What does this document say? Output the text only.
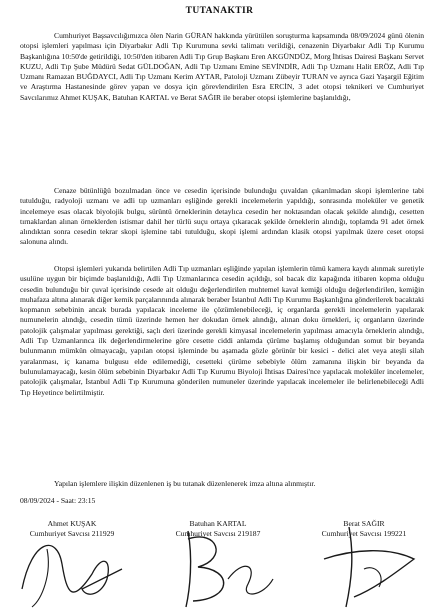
TUTANAKTIR

Cumhuriyet Başsavcılığımızca ölen Narin GÜRAN hakkında yürütülen soruşturma kapsamında 08/09/2024 günü ölenin otopsi işlemleri yapılması için Diyarbakır Adli Tıp Kurumuna sevki talimatı verildiği, cenazenin Diyarbakır Adli Tıp Kurumu Başkanlığına 10:50'de getirildiği, 10:50'den itibaren Adli Tıp Grup Başkanı Eren AKGÜNDÜZ, Morg İhtisas Dairesi Başkanı Servet KUZU, Adli Tıp Şube Müdürü Sedat GÜLDOĞAN, Adli Tıp Uzmanı Emine SEVİNDİR, Adli Tıp Uzmanı Halit ERÖZ, Adli Tıp Uzmanı Ramazan BUĞDAYCI, Adli Tıp Uzmanı Kerim AYTAR, Patoloji Uzmanı Zübeyir TURAN ve ayrıca Gazi Yaşargil Eğitim ve Araştırma Hastanesinde görev yapan ve dosya için görevlendirilen Esra ERCİN, 3 adet otopsi teknikeri ve Cumhuriyet Savcılarımız Ahmet KUŞAK, Batuhan KARTAL ve Berat SAĞIR ile beraber otopsi işlemlerine başlanıldığı,

Cenaze bütünlüğü bozulmadan önce ve cesedin içerisinde bulunduğu çuvaldan çıkarılmadan skopi işlemlerine tabi tutulduğu, radyoloji uzmanı ve adli tıp uzmanları eşliğinde gerekli incelemelerin yapıldığı, sonrasında moleküler ve genetik incelemeye esas olacak biyolojik bulgu, sürüntü örneklerinin detaylıca cesedin her noktasından olacak şekilde alındığı, cesetten tırnaklardan alınan örneklerden istismar dahil her türlü suçu ortaya çıkaracak şekilde örneklerin alındığı, toplamda 91 adet örnek alındıktan sonra cesedin tekrar skopi işlemine tabi tutulduğu, skopi işlemi ardından klasik otopsi yapılmak üzere ceset otopsi salonuna alındı.

Otopsi işlemleri yukarıda belirtilen Adli Tıp uzmanları eşliğinde yapılan işlemlerin tümü kamera kaydı alınmak suretiyle usulüne uygun bir biçimde başlanıldığı, Adli Tıp Uzmanlarınca cesedin açıldığı, sol bacak diz kapağında itibaren kopma olduğu cesedin bulunduğu bir çuval içerisinde cesede ait olduğu değerlendirilen muhtemel kaval kemiği olduğu değerlendirilen, kemiğin muhafaza altına alınarak diğer kemik parçalarınında alınarak beraber İstanbul Adli Tıp Kurumu Başkanlığına gönderilerek bacaktaki kopmanın sebebinin ancak burada yapılacak inceleme ile çözümlenebileceği, iç organlarda gerekli incelemelerin yapılarak numunelerin alındığı, cesedin tümü üzerinde hemen her dokudan örnek alındığı, alınan doku örnekleri, iç organların üzerinde patolojik çalışmalar yapılması gerektiği, saçlı deri üzerinde gerekli kimyasal incelemelerin yapılması amacıyla örneklerin alındığı, Adli Tıp Uzmanlarınca ilk değerlendirmelerine göre cesette ciddi anlamda çürüme başlamış olduğundan somut bir beyanda bulunmanın mümkün olmayacağı, yapılan otopsi işleminde bu aşamada gözle görünür bir kesici - delici alet veya ateşli silah yaralanması, iç kanama bulgusu elde edilemediği, cesetteki çürüme sebebiyle ölüm zamanına ilişkin bir beyanda da bulunulamayacağı, kesin ölüm sebebinin Diyarbakır Adli Tıp Kurumu Biyoloji İhtisas Dairesi'nce yapılacak moleküler incelemeler, patolojik çalışmalar, İstanbul Adli Tıp Kurumuna gönderilen numuneler üzerinde yapılacak incelemeler ile belirlenebileceği Adli Tıp Heyetince belirtilmiştir.

Yapılan işlemlere ilişkin düzenlenen iş bu tutanak düzenlenerek imza altına alınmıştır.

08/09/2024 - Saat: 23:15
Ahmet KUŞAK
Cumhuriyet Savcısı 211929
Batuhan KARTAL
Cumhuriyet Savcısı 219187
Berat SAĞIR
Cumhuriyet Savcısı 199221
